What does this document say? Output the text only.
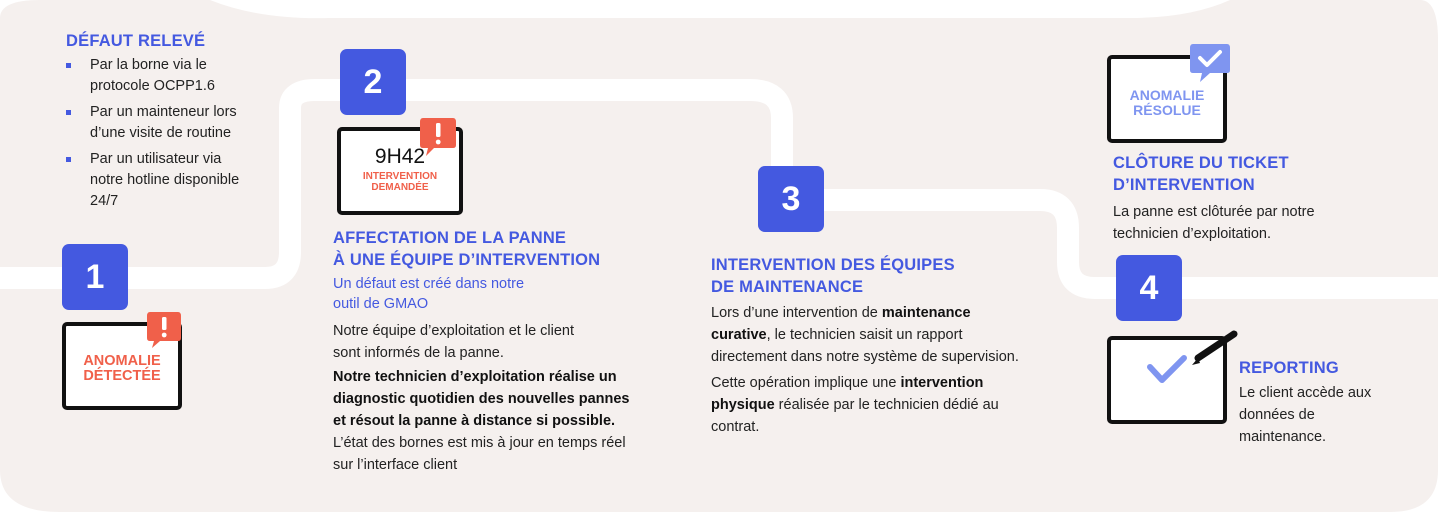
DÉFAUT RELEVÉ
Par la borne via le protocole OCPP1.6
Par un mainteneur lors d’une visite de routine
Par un utilisateur via notre hotline disponible 24/7
1
ANOMALIE DÉTECTÉE
2
9H42
INTERVENTION DEMANDÉE
AFFECTATION DE LA PANNE
À UNE ÉQUIPE D’INTERVENTION
Un défaut est créé dans notre outil de GMAO
Notre équipe d’exploitation et le client sont informés de la panne.
Notre technicien d’exploitation réalise un diagnostic quotidien des nouvelles pannes et résout la panne à distance si possible.
L’état des bornes est mis à jour en temps réel sur l’interface client
3
INTERVENTION DES ÉQUIPES
DE MAINTENANCE
Lors d’une intervention de maintenance curative, le technicien saisit un rapport directement dans notre système de supervision.
Cette opération implique une intervention physique réalisée par le technicien dédié au contrat.
ANOMALIE RÉSOLUE
CLÔTURE DU TICKET
D’INTERVENTION
La panne est clôturée par notre technicien d’exploitation.
4
REPORTING
Le client accède aux données de maintenance.
